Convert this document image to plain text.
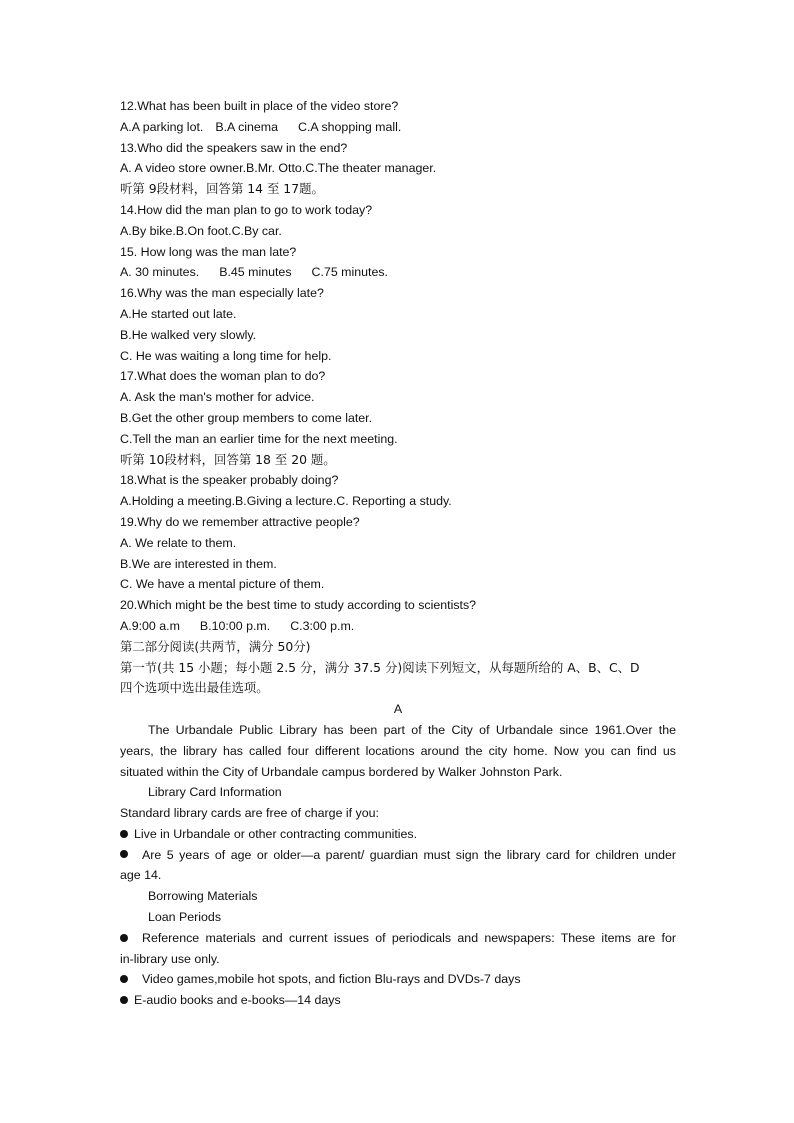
12.What has been built in place of the video store?
A.A parking lot. B.A cinema C.A shopping mall.
13.Who did the speakers saw in the end?
A. A video store owner.B.Mr. Otto.C.The theater manager.
听第 9段材料，回答第 14 至 17题。
14.How did the man plan to go to work today?
A.By bike.B.On foot.C.By car.
15. How long was the man late?
A. 30 minutes. B.45 minutes C.75 minutes.
16.Why was the man especially late?
A.He started out late.
B.He walked very slowly.
C. He was waiting a long time for help.
17.What does the woman plan to do?
A. Ask the man's mother for advice.
B.Get the other group members to come later.
C.Tell the man an earlier time for the next meeting.
听第 10段材料，回答第 18 至 20 题。
18.What is the speaker probably doing?
A.Holding a meeting.B.Giving a lecture.C. Reporting a study.
19.Why do we remember attractive people?
A. We relate to them.
B.We are interested in them.
C. We have a mental picture of them.
20.Which might be the best time to study according to scientists?
A.9:00 a.m B.10:00 p.m. C.3:00 p.m.
第二部分阅读(共两节，满分 50分)
第一节(共 15 小题；每小题 2.5 分，满分 37.5 分)阅读下列短文，从每题所给的 A、B、C、D
四个选项中选出最佳选项。
A
The Urbandale Public Library has been part of the City of Urbandale since 1961.Over the
years, the library has called four different locations around the city home. Now you can find us
situated within the City of Urbandale campus bordered by Walker Johnston Park.
Library Card Information
Standard library cards are free of charge if you:
Live in Urbandale or other contracting communities.
Are 5 years of age or older—a parent/ guardian must sign the library card for children under
age 14.
Borrowing Materials
Loan Periods
Reference materials and current issues of periodicals and newspapers: These items are for
in-library use only.
Video games,mobile hot spots, and fiction Blu-rays and DVDs-7 days
E-audio books and e-books—14 days
